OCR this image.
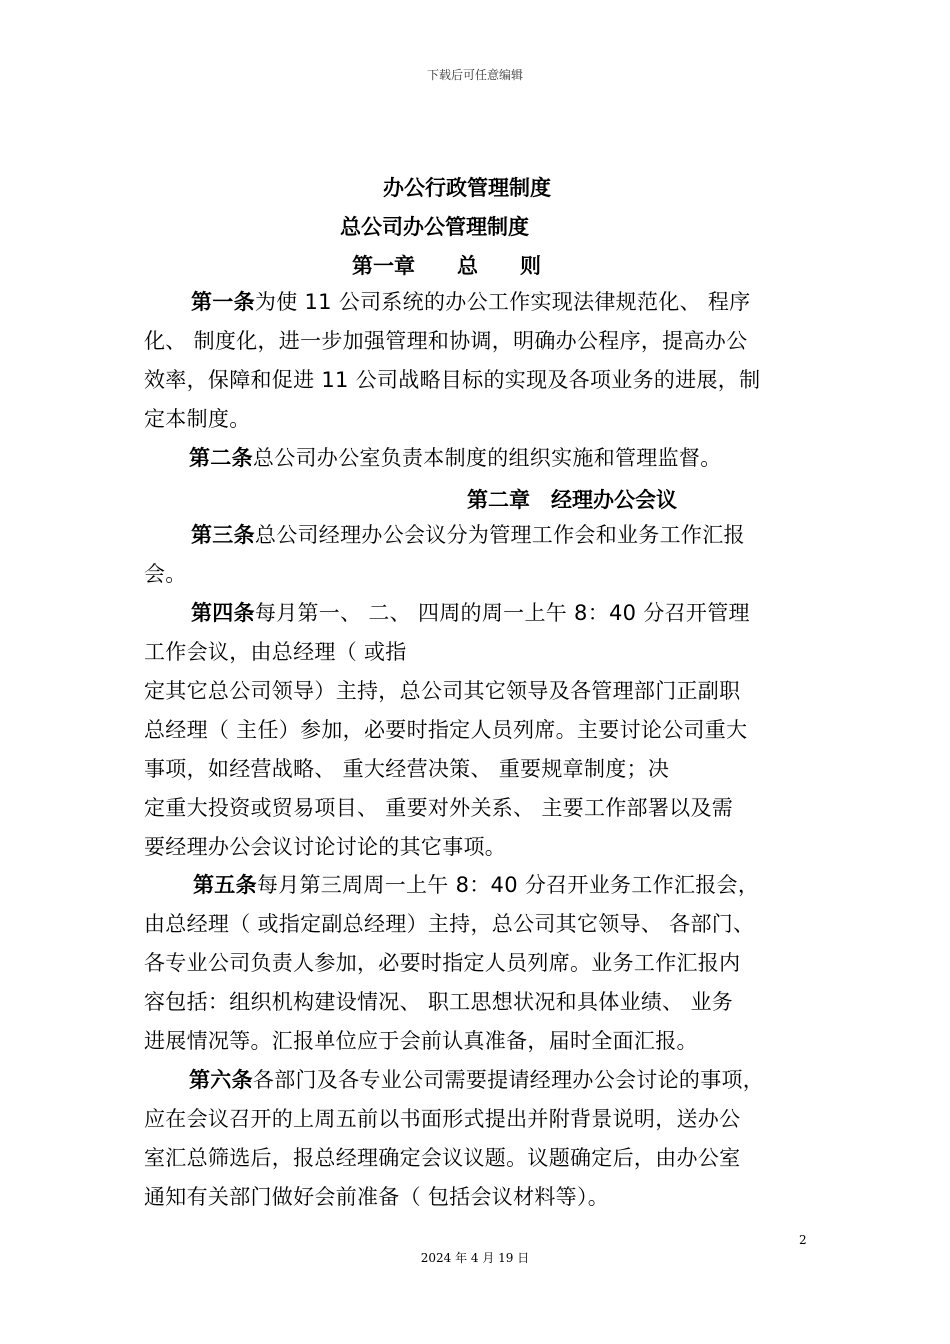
下载后可任意编辑
办公行政管理制度
总公司办公管理制度
第一章　　总　　则
第一条为使 11 公司系统的办公工作实现法律规范化、 程序
化、 制度化，进一步加强管理和协调，明确办公程序，提高办公
效率，保障和促进 11 公司战略目标的实现及各项业务的进展，制
定本制度。
第二条总公司办公室负责本制度的组织实施和管理监督。
第二章　经理办公会议
第三条总公司经理办公会议分为管理工作会和业务工作汇报
会。
第四条每月第一、 二、 四周的周一上午 8：40 分召开管理
工作会议，由总经理（ 或指
定其它总公司领导）主持，总公司其它领导及各管理部门正副职
总经理（ 主任）参加，必要时指定人员列席。主要讨论公司重大
事项，如经营战略、 重大经营决策、 重要规章制度；决
定重大投资或贸易项目、 重要对外关系、 主要工作部署以及需
要经理办公会议讨论讨论的其它事项。
第五条每月第三周周一上午 8：40 分召开业务工作汇报会，
由总经理（ 或指定副总经理）主持，总公司其它领导、 各部门、
各专业公司负责人参加，必要时指定人员列席。业务工作汇报内
容包括：组织机构建设情况、 职工思想状况和具体业绩、 业务
进展情况等。汇报单位应于会前认真准备，届时全面汇报。
第六条各部门及各专业公司需要提请经理办公会讨论的事项，
应在会议召开的上周五前以书面形式提出并附背景说明，送办公
室汇总筛选后，报总经理确定会议议题。议题确定后，由办公室
通知有关部门做好会前准备（ 包括会议材料等）。
2
2024 年 4 月 19 日
